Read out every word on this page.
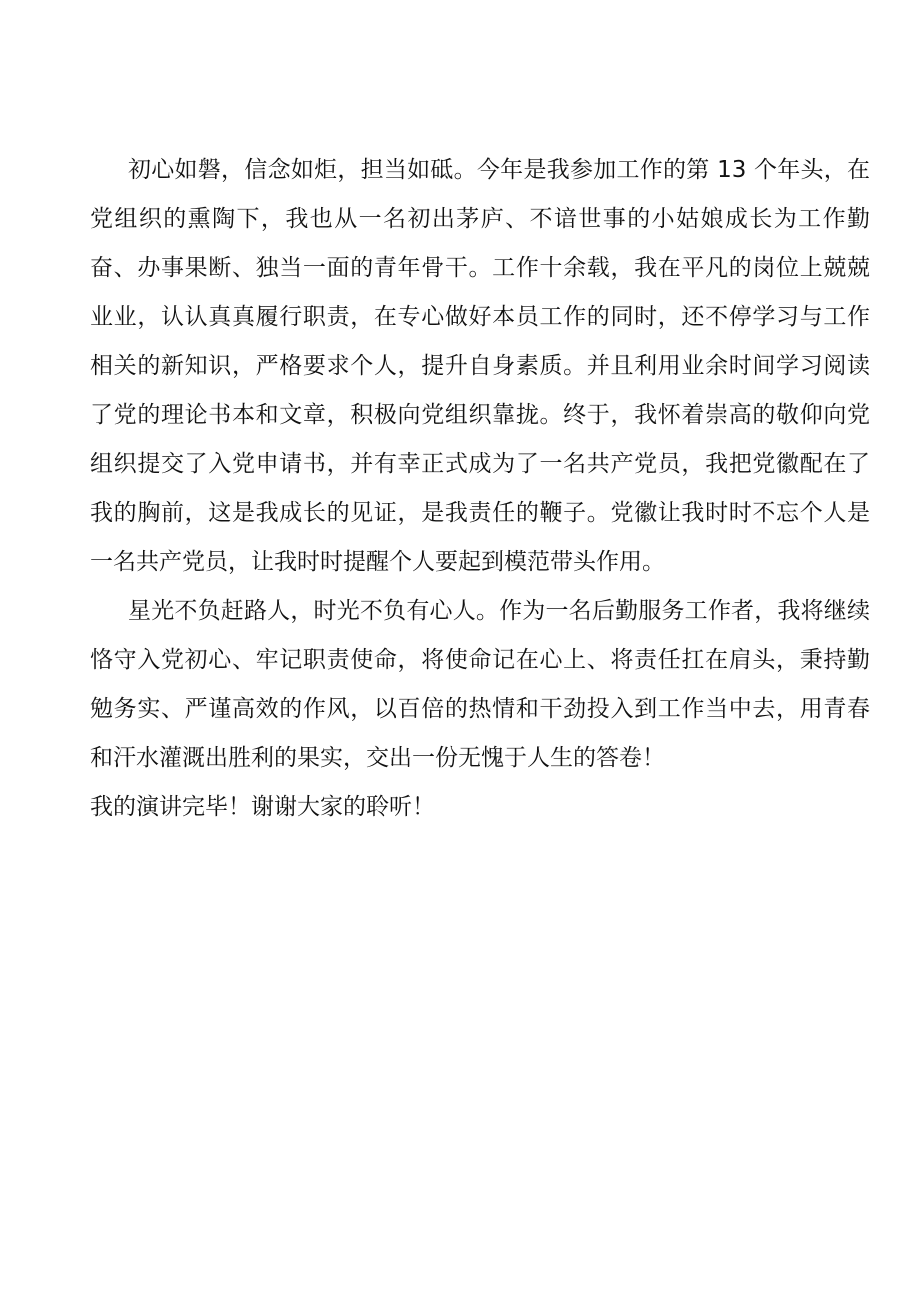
初心如磐，信念如炬，担当如砥。今年是我参加工作的第 13 个年头，在党组织的熏陶下，我也从一名初出茅庐、不谙世事的小姑娘成长为工作勤奋、办事果断、独当一面的青年骨干。工作十余载，我在平凡的岗位上兢兢业业，认认真真履行职责，在专心做好本员工作的同时，还不停学习与工作相关的新知识，严格要求个人，提升自身素质。并且利用业余时间学习阅读了党的理论书本和文章，积极向党组织靠拢。终于，我怀着崇高的敬仰向党组织提交了入党申请书，并有幸正式成为了一名共产党员，我把党徽配在了我的胸前，这是我成长的见证，是我责任的鞭子。党徽让我时时不忘个人是一名共产党员，让我时时提醒个人要起到模范带头作用。

星光不负赶路人，时光不负有心人。作为一名后勤服务工作者，我将继续恪守入党初心、牢记职责使命，将使命记在心上、将责任扛在肩头，秉持勤勉务实、严谨高效的作风，以百倍的热情和干劲投入到工作当中去，用青春和汗水灌溉出胜利的果实，交出一份无愧于人生的答卷！

我的演讲完毕！谢谢大家的聆听！
